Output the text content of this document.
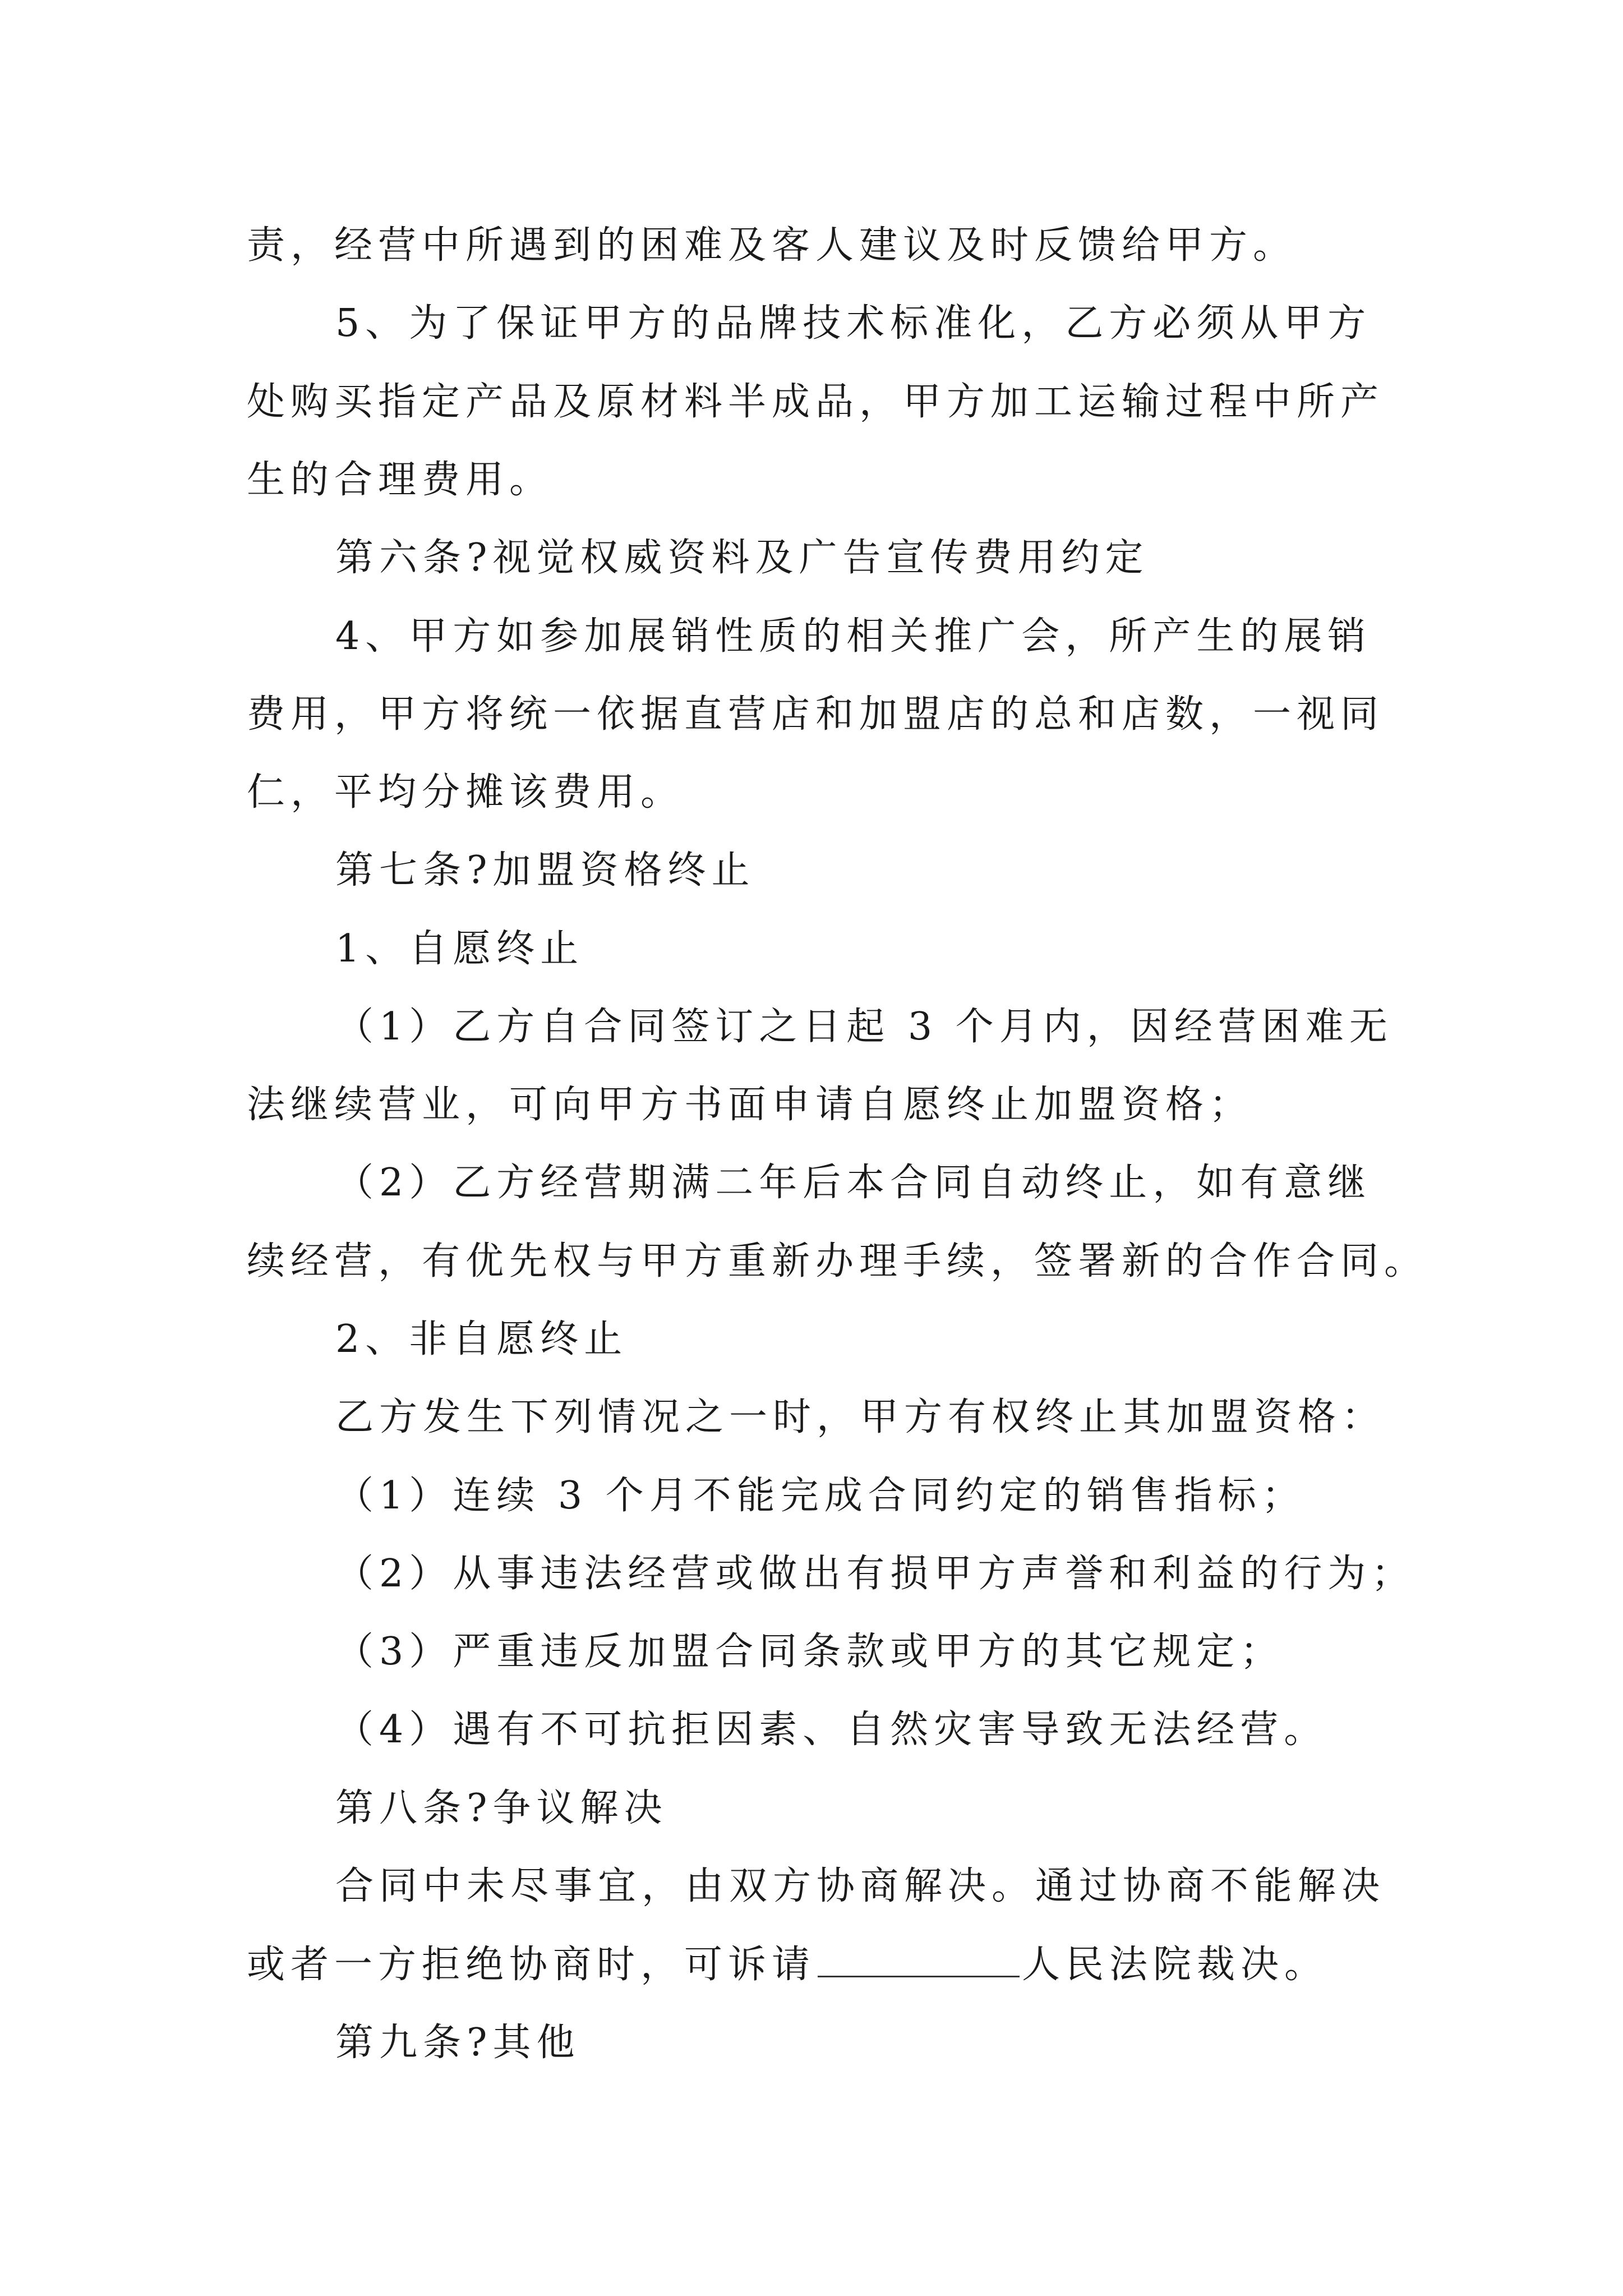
责，经营中所遇到的困难及客人建议及时反馈给甲方。
5、为了保证甲方的品牌技术标准化，乙方必须从甲方
处购买指定产品及原材料半成品，甲方加工运输过程中所产
生的合理费用。
第六条?视觉权威资料及广告宣传费用约定
4、甲方如参加展销性质的相关推广会，所产生的展销
费用，甲方将统一依据直营店和加盟店的总和店数，一视同
仁，平均分摊该费用。
第七条?加盟资格终止
1、自愿终止
（1）乙方自合同签订之日起 3 个月内，因经营困难无
法继续营业，可向甲方书面申请自愿终止加盟资格；
（2）乙方经营期满二年后本合同自动终止，如有意继
续经营，有优先权与甲方重新办理手续，签署新的合作合同。
2、非自愿终止
乙方发生下列情况之一时，甲方有权终止其加盟资格：
（1）连续 3 个月不能完成合同约定的销售指标；
（2）从事违法经营或做出有损甲方声誉和利益的行为；
（3）严重违反加盟合同条款或甲方的其它规定；
（4）遇有不可抗拒因素、自然灾害导致无法经营。
第八条?争议解决
合同中未尽事宜，由双方协商解决。通过协商不能解决
或者一方拒绝协商时，可诉请	人民法院裁决。
第九条?其他
